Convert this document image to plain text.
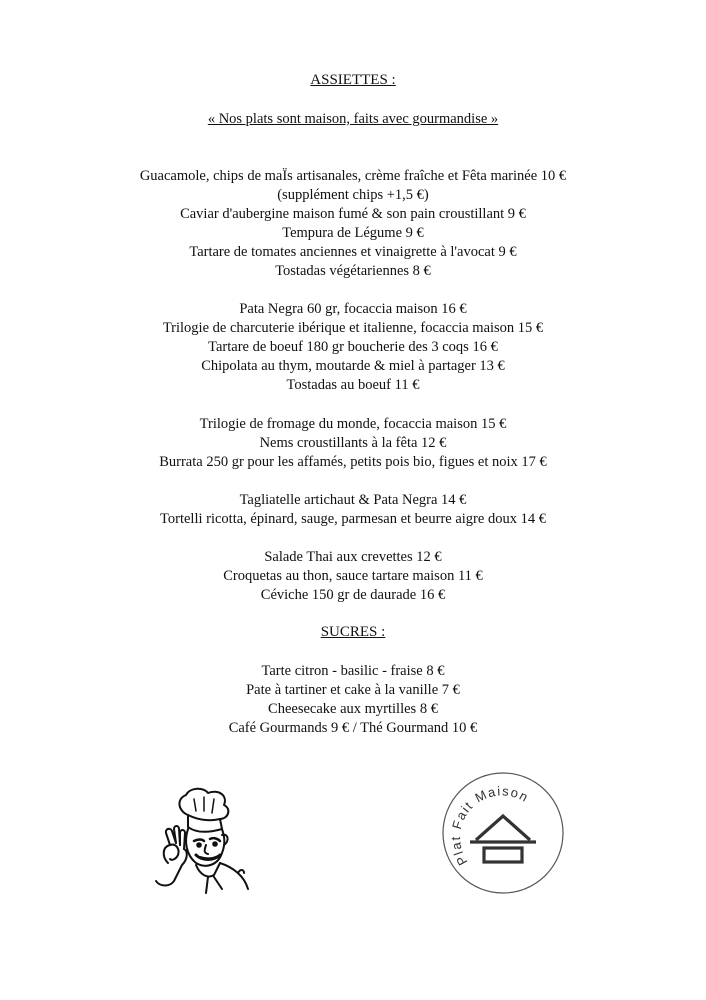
ASSIETTES :
« Nos plats sont maison, faits avec gourmandise »
Guacamole, chips de maÏs artisanales, crème fraîche et Fêta marinée 10 €
(supplément chips +1,5 €)
Caviar d'aubergine maison fumé & son pain croustillant 9 €
Tempura de Légume 9 €
Tartare de tomates anciennes et vinaigrette à l'avocat 9 €
Tostadas végétariennes 8 €
Pata Negra 60 gr, focaccia maison 16 €
Trilogie de charcuterie ibérique et italienne, focaccia maison 15 €
Tartare de boeuf 180 gr boucherie des 3 coqs 16 €
Chipolata au thym, moutarde & miel à partager 13 €
Tostadas au boeuf 11 €
Trilogie de fromage du monde, focaccia maison 15 €
Nems croustillants à la fêta 12 €
Burrata 250 gr pour les affamés, petits pois bio, figues et noix 17 €
Tagliatelle artichaut & Pata Negra 14 €
Tortelli ricotta, épinard, sauge, parmesan et beurre aigre doux 14 €
Salade Thai aux crevettes 12 €
Croquetas au thon, sauce tartare maison 11 €
Céviche 150 gr de daurade 16 €
SUCRES :
Tarte citron - basilic - fraise 8 €
Pate à tartiner et cake à la vanille 7 €
Cheesecake aux myrtilles 8 €
Café Gourmands 9 € / Thé Gourmand 10 €
Plat Fait Maison
